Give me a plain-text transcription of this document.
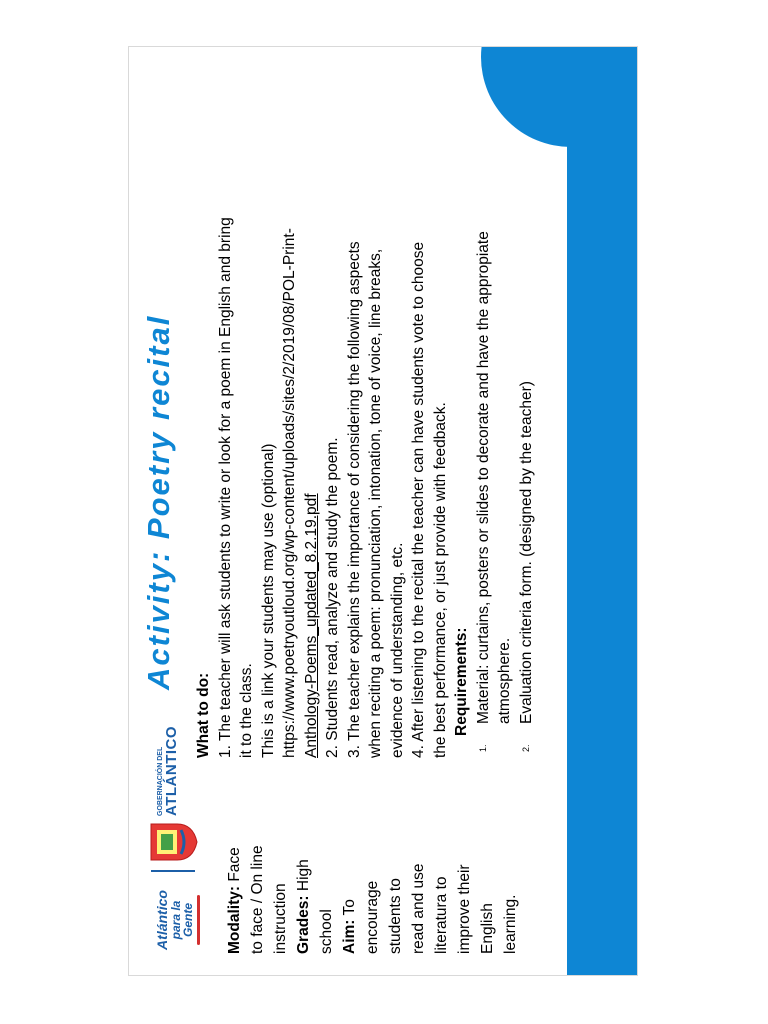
Atlántico
para la Gente
GOBERNACIÓN DEL ATLÁNTICO
Modality: Face to face / On line instruction Grades: High
school Aim: To encourage students to read and use literatura to improve their English learning.
Activity: Poetry recital

What to do: 1. The teacher will ask students to write or look for a poem in English and bring it to the class. This is a link your students may use (optional) https://www.poetryoutloud.org/wp-content/uploads/sites/2/2019/08/POL-Print- Anthology-Poems_updated_8.2.19.pdf 2. Students read, analyze and study the poem. 3. The teacher explains the importance of considering the following aspects when reciting a poem: pronunciation, intonation, tone of voice, line breaks, evidence of understanding, etc. 4. After listening to the recital the teacher can have students vote to choose the best performance, or just provide with feedback. Requirements:

1.
Material: curtains, posters or slides to decorate and have the appropiate atmosphere.
2.
Evaluation criteria form. (designed by the teacher)
